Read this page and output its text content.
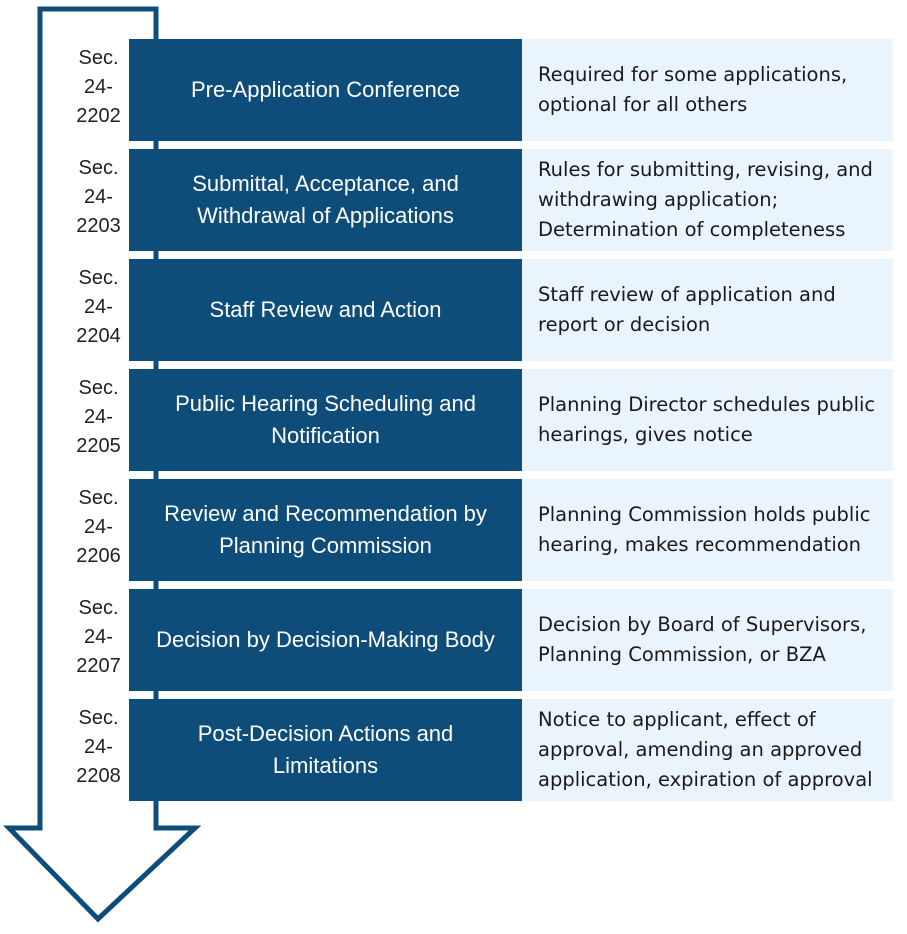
Sec.
24-
2202
Pre-Application Conference
Required for some applications, optional for all others
Sec.
24-
2203
Submittal, Acceptance, and Withdrawal of Applications
Rules for submitting, revising, and withdrawing application; Determination of completeness
Sec.
24-
2204
Staff Review and Action
Staff review of application and report or decision
Sec.
24-
2205
Public Hearing Scheduling and Notification
Planning Director schedules public hearings, gives notice
Sec.
24-
2206
Review and Recommendation by Planning Commission
Planning Commission holds public hearing, makes recommendation
Sec.
24-
2207
Decision by Decision-Making Body
Decision by Board of Supervisors, Planning Commission, or BZA
Sec.
24-
2208
Post-Decision Actions and Limitations
Notice to applicant, effect of approval, amending an approved application, expiration of approval
